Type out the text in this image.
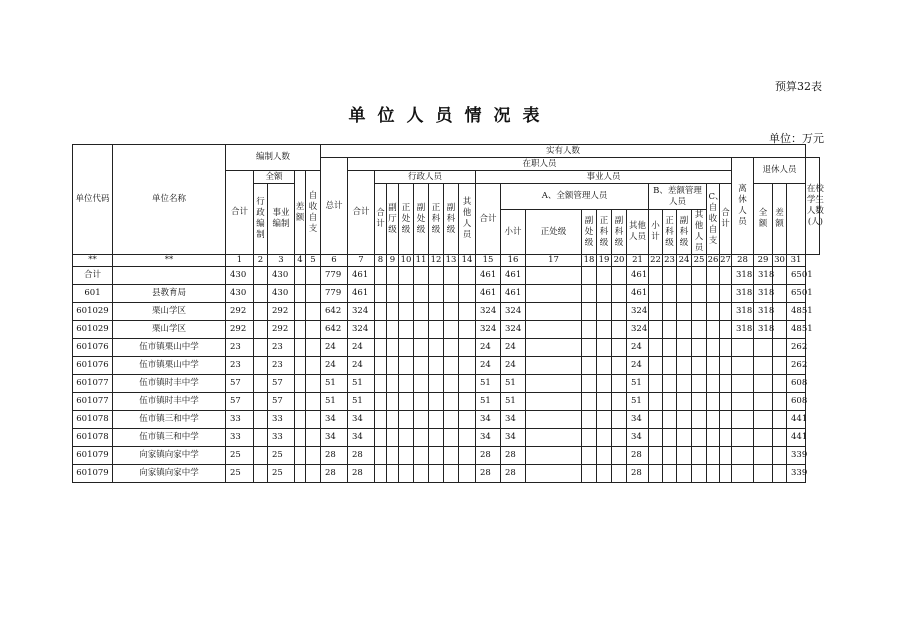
预算32表
单位人员情况表
单位：万元
单位代码	单位名称	编制人数					实有人数																										
							总计	在职人员																					离休人员	退休人员			在校学生人数(人)
		合计	全额		差额	自收自支		合计	行政人员							事业人员																	
			行政编制	事业编制					合计	副厅级	正处级	副处级	正科级	副科级	其他人员	合计	A、全额管理人员						B、差额管理人员				C、自收自支	合计		全额	差额		

																	小计	正处级	副处级	正科级	副科级	其他人员	小计	正科级	副科级	其他人员							
**	**	1	2	3	4	5	6	7	8	9	10	11	12	13	14	15	16	17	18	19	20	21	22	23	24	25	26	27	28	29	30	31	
合计		430		430			779	461								461	461					461							318	318		6501	
601	县教育局	430		430			779	461								461	461					461							318	318		6501	
601029	栗山学区	292		292			642	324								324	324					324							318	318		4851	
601029	栗山学区	292		292			642	324								324	324					324							318	318		4851	
601076	伍市镇栗山中学	23		23			24	24								24	24					24										262	
601076	伍市镇栗山中学	23		23			24	24								24	24					24										262	
601077	伍市镇时丰中学	57		57			51	51								51	51					51										608	
601077	伍市镇时丰中学	57		57			51	51								51	51					51										608	
601078	伍市镇三和中学	33		33			34	34								34	34					34										441	
601078	伍市镇三和中学	33		33			34	34								34	34					34										441	
601079	向家镇向家中学	25		25			28	28								28	28					28										339	
601079	向家镇向家中学	25		25			28	28								28	28					28										339	
